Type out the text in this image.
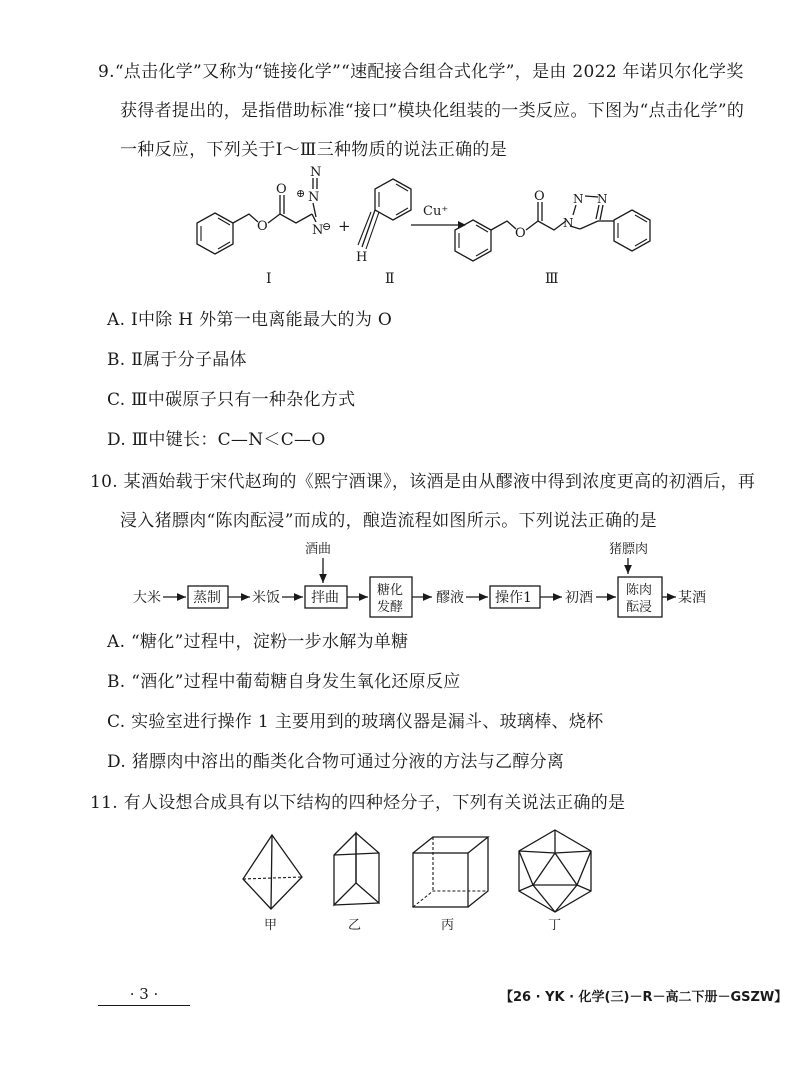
9.“点击化学”又称为“链接化学”“速配接合组合式化学”，是由 2022 年诺贝尔化学奖
获得者提出的，是指借助标准“接口”模块化组装的一类反应。下图为“点击化学”的
一种反应，下列关于Ⅰ～Ⅲ三种物质的说法正确的是
O
O
N
⊖
N
⊕
N
Ⅰ
+
H
Ⅱ
Cu⁺
O
O
N
N N
Ⅲ
A. Ⅰ中除 H 外第一电离能最大的为 O
B. Ⅱ属于分子晶体
C. Ⅲ中碳原子只有一种杂化方式
D. Ⅲ中键长：C—N＜C—O
10. 某酒始载于宋代赵珣的《熙宁酒课》，该酒是由从醪液中得到浓度更高的初酒后，再
浸入猪膘肉“陈肉酝浸”而成的，酿造流程如图所示。下列说法正确的是
大米 蒸制 米饭
酒曲
拌曲	糖化
发酵
醪液 操作1 初酒
猪膘肉
陈肉
酝浸
某酒
A. “糖化”过程中，淀粉一步水解为单糖
B. “酒化”过程中葡萄糖自身发生氧化还原反应
C. 实验室进行操作 1 主要用到的玻璃仪器是漏斗、玻璃棒、烧杯
D. 猪膘肉中溶出的酯类化合物可通过分液的方法与乙醇分离
11. 有人设想合成具有以下结构的四种烃分子，下列有关说法正确的是
甲	乙	丙	丁
· 3 ·	【26 · YK · 化学(三)－R－高二下册－GSZW】
